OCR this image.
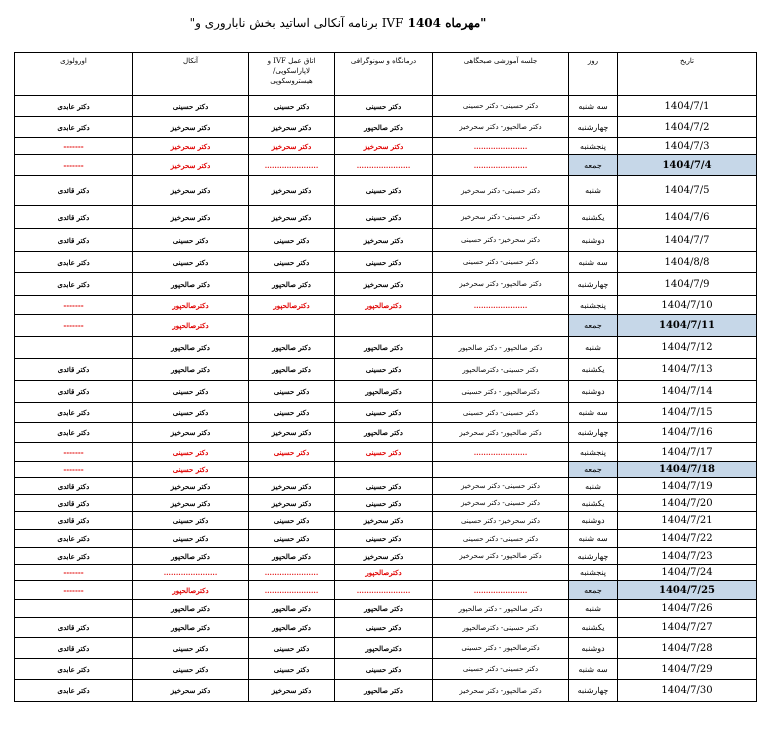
"برنامه آنکالی اساتید بخش ناباروری و IVF مهرماه 1404"
تاریخ	روز	جلسه آموزشی صبحگاهی	درمانگاه و سونوگرافی	اتاق عمل IVF و لاپاراسکوپی/ هیستروسکوپی	آنکال	اورولوژی
1404/7/1	سه شنبه	دکتر حسینی- دکتر حسینی	دکتر حسینی	دکتر حسینی	دکتر حسینی	دکتر عابدی
1404/7/2	چهارشنبه	دکتر صالحپور- دکتر سحرخیز	دکتر صالحپور	دکتر سحرخیز	دکتر سحرخیز	دکتر عابدی
1404/7/3	پنجشنبه	......................	دکتر سحرخیز	دکتر سحرخیز	دکتر سحرخیز	-------
1404/7/4	جمعه	......................	......................	......................	دکتر سحرخیز	-------
1404/7/5	شنبه	دکتر حسینی- دکتر سحرخیز	دکتر حسینی	دکتر سحرخیز	دکتر سحرخیز	دکتر قائدی
1404/7/6	یکشنبه	دکتر حسینی- دکتر سحرخیز	دکتر حسینی	دکتر سحرخیز	دکتر سحرخیز	دکتر قائدی
1404/7/7	دوشنبه	دکتر سحرخیز- دکتر حسینی	دکتر سحرخیز	دکتر حسینی	دکتر حسینی	دکتر قائدی
1404/8/8	سه شنبه	دکتر حسینی- دکتر حسینی	دکتر حسینی	دکتر حسینی	دکتر حسینی	دکتر عابدی
1404/7/9	چهارشنبه	دکتر صالحپور- دکتر سحرخیز	دکتر سحرخیز	دکتر صالحپور	دکتر صالحپور	دکتر عابدی
1404/7/10	پنجشنبه	......................	دکترصالحپور	دکترصالحپور	دکترصالحپور	-------
1404/7/11	جمعه				دکترصالحپور	-------
1404/7/12	شنبه	دکتر صالحپور - دکتر صالحپور	دکتر صالحپور	دکتر صالحپور	دکتر صالحپور	
1404/7/13	یکشنبه	دکتر حسینی- دکترصالحپور	دکتر حسینی	دکتر صالحپور	دکتر صالحپور	دکتر قائدی
1404/7/14	دوشنبه	دکترصالحپور - دکتر حسینی	دکترصالحپور	دکتر حسینی	دکتر حسینی	دکتر قائدی
1404/7/15	سه شنبه	دکتر حسینی- دکتر حسینی	دکتر حسینی	دکتر حسینی	دکتر حسینی	دکتر عابدی
1404/7/16	چهارشنبه	دکتر صالحپور- دکتر سحرخیز	دکتر صالحپور	دکتر سحرخیز	دکتر سحرخیز	دکتر عابدی
1404/7/17	پنجشنبه	......................	دکتر حسینی	دکتر حسینی	دکتر حسینی	-------
1404/7/18	جمعه				دکتر حسینی	-------
1404/7/19	شنبه	دکتر حسینی- دکتر سحرخیز	دکتر حسینی	دکتر سحرخیز	دکتر سحرخیز	دکتر قائدی
1404/7/20	یکشنبه	دکتر حسینی- دکتر سحرخیز	دکتر حسینی	دکتر سحرخیز	دکتر سحرخیز	دکتر قائدی
1404/7/21	دوشنبه	دکتر سحرخیز- دکتر حسینی	دکتر سحرخیز	دکتر حسینی	دکتر حسینی	دکتر قائدی
1404/7/22	سه شنبه	دکتر حسینی- دکتر حسینی	دکتر حسینی	دکتر حسینی	دکتر حسینی	دکتر عابدی
1404/7/23	چهارشنبه	دکتر صالحپور- دکتر سحرخیز	دکتر سحرخیز	دکتر صالحپور	دکتر صالحپور	دکتر عابدی
1404/7/24	پنجشنبه		دکترصالحپور	......................	......................	-------
1404/7/25	جمعه	......................	......................	......................	دکترصالحپور	-------
1404/7/26	شنبه	دکتر صالحپور - دکتر صالحپور	دکتر صالحپور	دکتر صالحپور	دکتر صالحپور	
1404/7/27	یکشنبه	دکتر حسینی- دکترصالحپور	دکتر حسینی	دکتر صالحپور	دکتر صالحپور	دکتر قائدی
1404/7/28	دوشنبه	دکترصالحپور - دکتر حسینی	دکترصالحپور	دکتر حسینی	دکتر حسینی	دکتر قائدی
1404/7/29	سه شنبه	دکتر حسینی- دکتر حسینی	دکتر حسینی	دکتر حسینی	دکتر حسینی	دکتر عابدی
1404/7/30	چهارشنبه	دکتر صالحپور- دکتر سحرخیز	دکتر صالحپور	دکتر سحرخیز	دکتر سحرخیز	دکتر عابدی
